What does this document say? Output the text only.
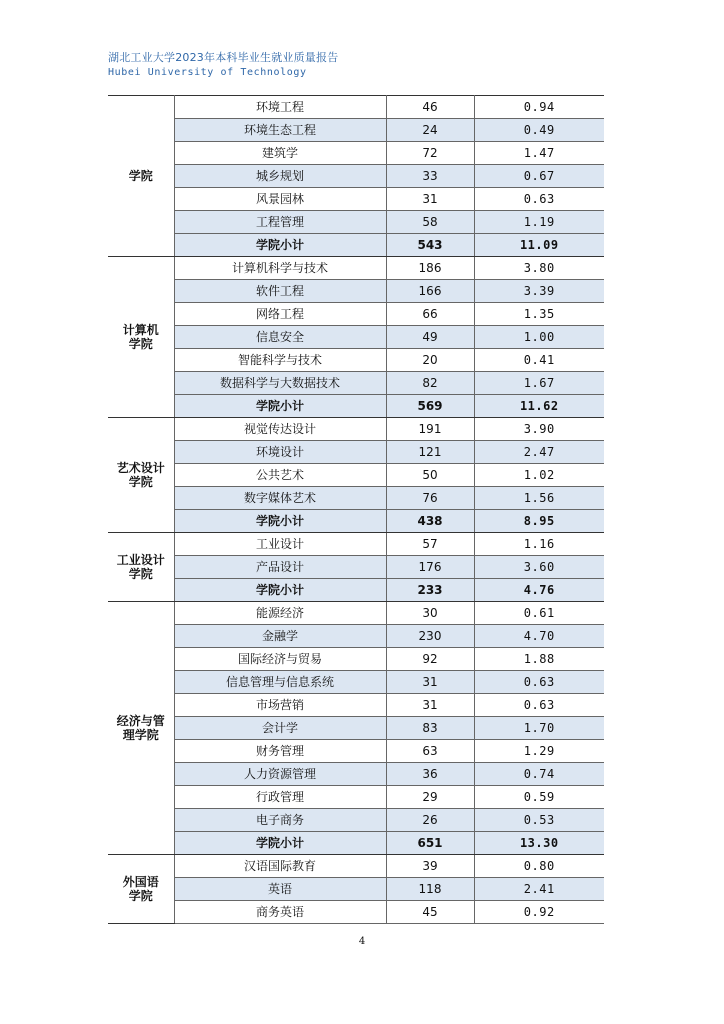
湖北工业大学2023年本科毕业生就业质量报告
Hubei University of Technology
学院	环境工程	46	0.94
	环境生态工程	24	0.49
	建筑学	72	1.47
	城乡规划	33	0.67
	风景园林	31	0.63
	工程管理	58	1.19
	学院小计	543	11.09

计算机
学院	计算机科学与技术	186	3.80
	软件工程	166	3.39
	网络工程	66	1.35
	信息安全	49	1.00
	智能科学与技术	20	0.41
	数据科学与大数据技术	82	1.67
	学院小计	569	11.62

艺术设计
学院	视觉传达设计	191	3.90
	环境设计	121	2.47
	公共艺术	50	1.02
	数字媒体艺术	76	1.56
	学院小计	438	8.95

工业设计
学院	工业设计	57	1.16
	产品设计	176	3.60
	学院小计	233	4.76

经济与管
理学院	能源经济	30	0.61
	金融学	230	4.70
	国际经济与贸易	92	1.88
	信息管理与信息系统	31	0.63
	市场营销	31	0.63
	会计学	83	1.70
	财务管理	63	1.29
	人力资源管理	36	0.74
	行政管理	29	0.59
	电子商务	26	0.53
	学院小计	651	13.30

外国语
学院	汉语国际教育	39	0.80
	英语	118	2.41
	商务英语	45	0.92
4
